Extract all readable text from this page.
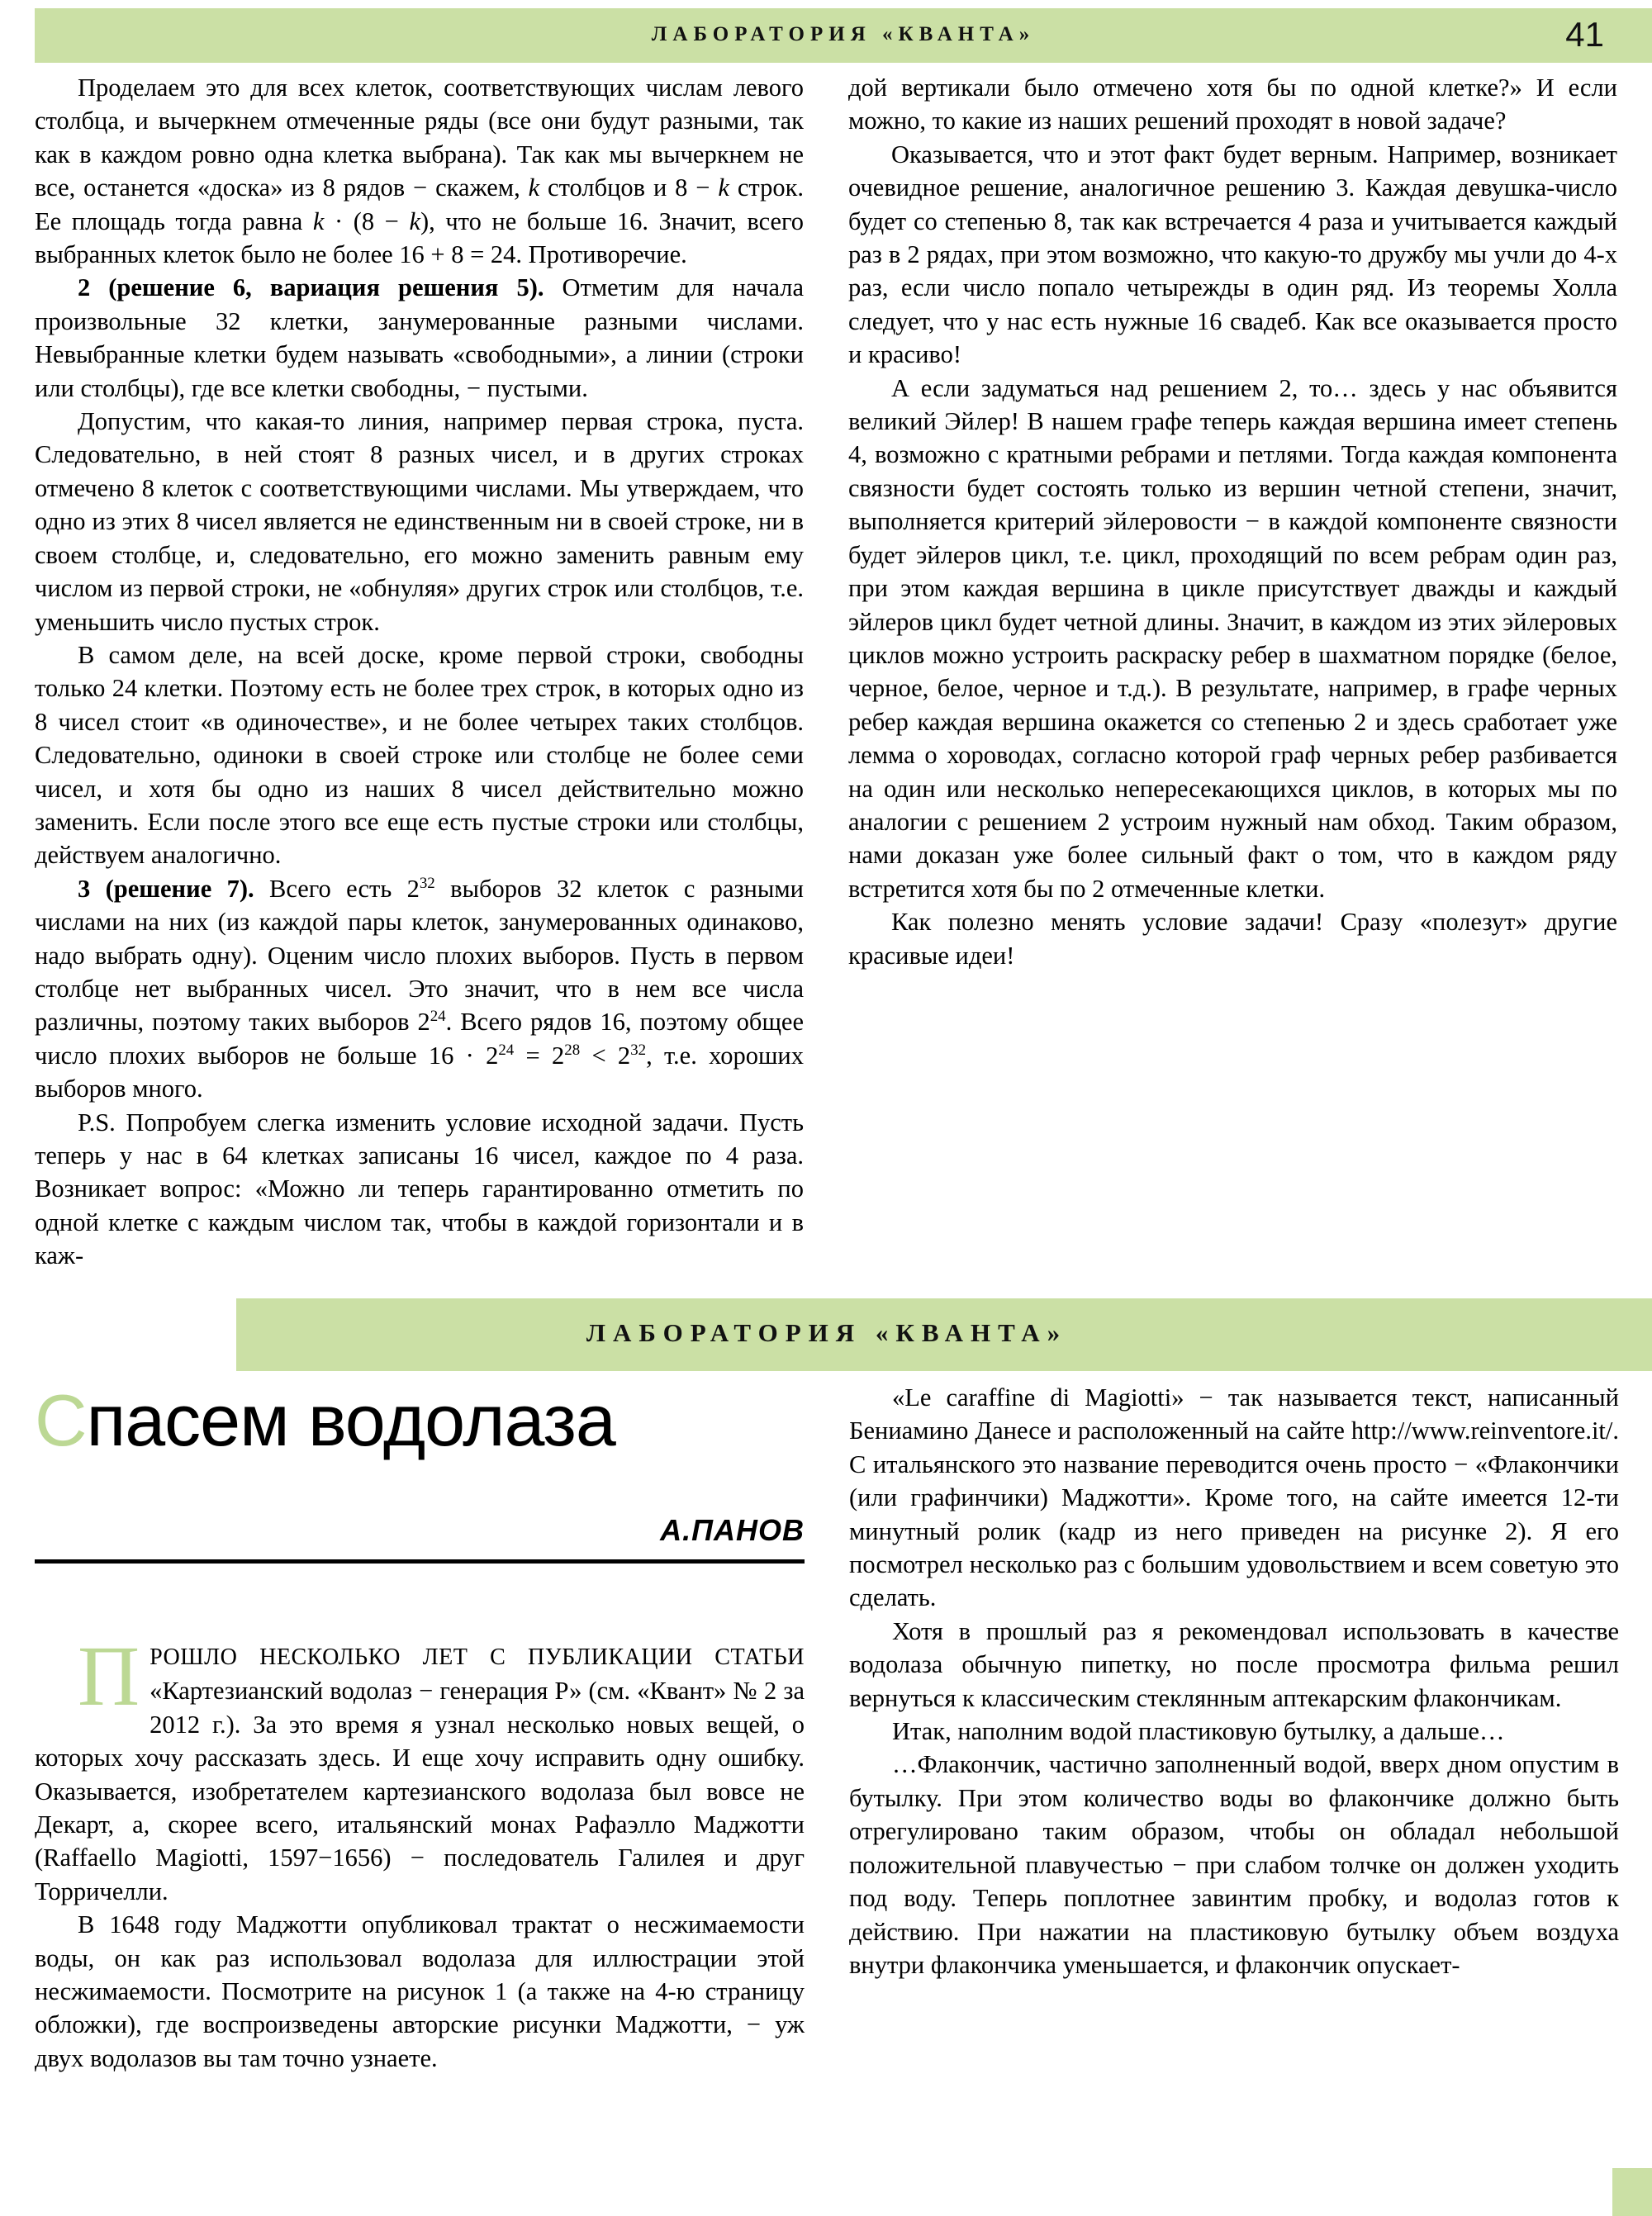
ЛАБОРАТОРИЯ «КВАНТА»	41

Проделаем это для всех клеток, соответствующих числам левого столбца, и вычеркнем отмеченные ряды (все они будут разными, так как в каждом ровно одна клетка выбрана). Так как мы вычеркнем не все, останется «доска» из 8 рядов − скажем, k столбцов и 8 − k строк. Ее площадь тогда равна k · (8 − k), что не больше 16. Значит, всего выбранных клеток было не более 16 + 8 = 24. Противоречие.

2 (решение 6, вариация решения 5). Отметим для начала произвольные 32 клетки, занумерованные разными числами. Невыбранные клетки будем называть «свободными», а линии (строки или столбцы), где все клетки свободны, − пустыми.

Допустим, что какая-то линия, например первая строка, пуста. Следовательно, в ней стоят 8 разных чисел, и в других строках отмечено 8 клеток с соответствующими числами. Мы утверждаем, что одно из этих 8 чисел является не единственным ни в своей строке, ни в своем столбце, и, следовательно, его можно заменить равным ему числом из первой строки, не «обнуляя» других строк или столбцов, т.е. уменьшить число пустых строк.

В самом деле, на всей доске, кроме первой строки, свободны только 24 клетки. Поэтому есть не более трех строк, в которых одно из 8 чисел стоит «в одиночестве», и не более четырех таких столбцов. Следовательно, одиноки в своей строке или столбце не более семи чисел, и хотя бы одно из наших 8 чисел действительно можно заменить. Если после этого все еще есть пустые строки или столбцы, действуем аналогично.

3 (решение 7). Всего есть $2^{32}$ выборов 32 клеток с разными числами на них (из каждой пары клеток, занумерованных одинаково, надо выбрать одну). Оценим число плохих выборов. Пусть в первом столбце нет выбранных чисел. Это значит, что в нем все числа различны, поэтому таких выборов $2^{24}$. Всего рядов 16, поэтому общее число плохих выборов не больше $16 \cdot 2^{24} = 2^{28} < 2^{32}$, т.е. хороших выборов много.

P.S. Попробуем слегка изменить условие исходной задачи. Пусть теперь у нас в 64 клетках записаны 16 чисел, каждое по 4 раза. Возникает вопрос: «Можно ли теперь гарантированно отметить по одной клетке с каждым числом так, чтобы в каждой горизонтали и в каж-

дой вертикали было отмечено хотя бы по одной клетке?» И если можно, то какие из наших решений проходят в новой задаче?

Оказывается, что и этот факт будет верным. Например, возникает очевидное решение, аналогичное решению 3. Каждая девушка-число будет со степенью 8, так как встречается 4 раза и учитывается каждый раз в 2 рядах, при этом возможно, что какую-то дружбу мы учли до 4-х раз, если число попало четырежды в один ряд. Из теоремы Холла следует, что у нас есть нужные 16 свадеб. Как все оказывается просто и красиво!

А если задуматься над решением 2, то… здесь у нас объявится великий Эйлер! В нашем графе теперь каждая вершина имеет степень 4, возможно с кратными ребрами и петлями. Тогда каждая компонента связности будет состоять только из вершин четной степени, значит, выполняется критерий эйлеровости − в каждой компоненте связности будет эйлеров цикл, т.е. цикл, проходящий по всем ребрам один раз, при этом каждая вершина в цикле присутствует дважды и каждый эйлеров цикл будет четной длины. Значит, в каждом из этих эйлеровых циклов можно устроить раскраску ребер в шахматном порядке (белое, черное, белое, черное и т.д.). В результате, например, в графе черных ребер каждая вершина окажется со степенью 2 и здесь сработает уже лемма о хороводах, согласно которой граф черных ребер разбивается на один или несколько непересекающихся циклов, в которых мы по аналогии с решением 2 устроим нужный нам обход. Таким образом, нами доказан уже более сильный факт о том, что в каждом ряду встретится хотя бы по 2 отмеченные клетки.

Как полезно менять условие задачи! Сразу «полезут» другие красивые идеи!

ЛАБОРАТОРИЯ «КВАНТА»
Спасем водолаза
А.ПАНОВ

ПРОШЛО НЕСКОЛЬКО ЛЕТ С ПУБЛИКАЦИИ СТАТЬИ «Картезианский водолаз − генерация Р» (см. «Квант» № 2 за 2012 г.). За это время я узнал несколько новых вещей, о которых хочу рассказать здесь. И еще хочу исправить одну ошибку. Оказывается, изобретателем картезианского водолаза был вовсе не Декарт, а, скорее всего, итальянский монах Рафаэлло Маджотти (Raffaello Magiotti, 1597−1656) − последователь Галилея и друг Торричелли.

В 1648 году Маджотти опубликовал трактат о несжимаемости воды, он как раз использовал водолаза для иллюстрации этой несжимаемости. Посмотрите на рисунок 1 (а также на 4-ю страницу обложки), где воспроизведены авторские рисунки Маджотти, − уж двух водолазов вы там точно узнаете.

«Le caraffine di Magiotti» − так называется текст, написанный Бениамино Данесе и расположенный на сайте http://www.reinventore.it/. С итальянского это название переводится очень просто − «Флакончики (или графинчики) Маджотти». Кроме того, на сайте имеется 12-ти минутный ролик (кадр из него приведен на рисунке 2). Я его посмотрел несколько раз с большим удовольствием и всем советую это сделать.

Хотя в прошлый раз я рекомендовал использовать в качестве водолаза обычную пипетку, но после просмотра фильма решил вернуться к классическим стеклянным аптекарским флакончикам.

Итак, наполним водой пластиковую бутылку, а дальше…

…Флакончик, частично заполненный водой, вверх дном опустим в бутылку. При этом количество воды во флакончике должно быть отрегулировано таким образом, чтобы он обладал небольшой положительной плавучестью − при слабом толчке он должен уходить под воду. Теперь поплотнее завинтим пробку, и водолаз готов к действию. При нажатии на пластиковую бутылку объем воздуха внутри флакончика уменьшается, и флакончик опускает-
